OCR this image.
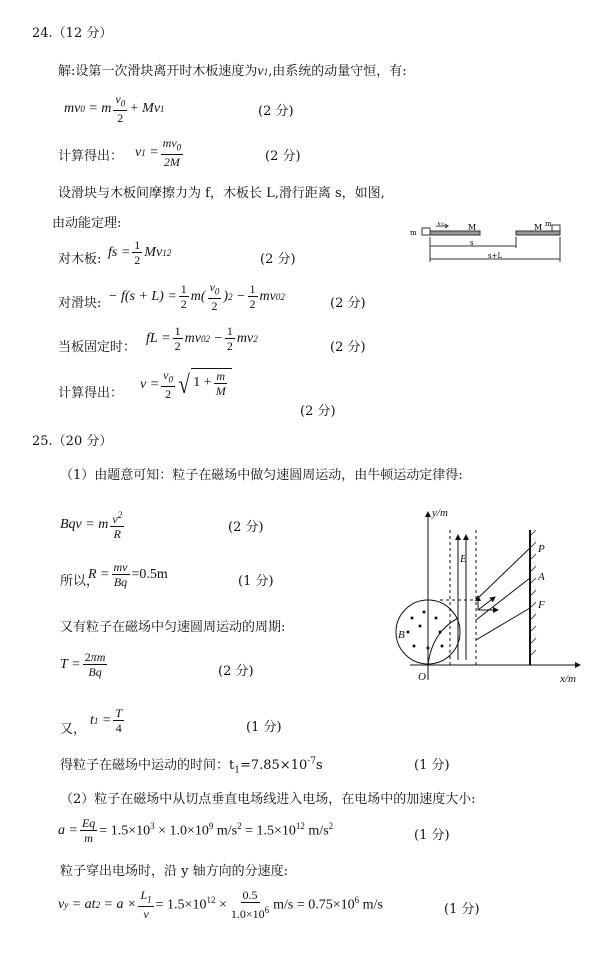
24.（12 分）
解:设第一次滑块离开时木板速度为v 1 ,由系统的动量守恒，有:
mv 0 = m $\frac{v_0}{2} + Mv$ 1	(2 分)
计算得出： v $1 = \frac{mv_0}{2M}$	(2 分)
设滑块与木板间摩擦力为 f，木板长 L,滑行距离 s，如图,
由动能定理:
对木板: fs = $\frac{1}{2}$ Mv 1 2	(2 分)
对滑块: − $f(s + L) = \frac{1}{2} m( \frac{v_0}{2}$ ) $2 - \frac{1}{2}$ mv 0 2	(2 分)
当板固定时：
fL = $\frac{1}{2}$ mv 0 $2 - \frac{1}{2}$ mv 2
(2 分)
计算得出：
$v = \frac{v_0}{2}$ √ $1 + \frac{m}{M}$
(2 分)
m
V₀	M	M m
s
s+L
25.（20 分）
（1）由题意可知：粒子在磁场中做匀速圆周运动，由牛顿运动定律得:
Bqv = m $\frac{v^2}{R}$	(2 分)
所以，
$R = \frac{mv}{Bq} =0.5m$	(1 分)
又有粒子在磁场中匀速圆周运动的周期:
$T = \frac{2\pi m}{Bq}$	(2 分)
又，
t $1 = \frac{T}{4}$	(1 分)
得粒子在磁场中运动的时间：$t_1=7.85\times 10^{-7}s$	(1 分)
（2）粒子在磁场中从切点垂直电场线进入电场，在电场中的加速度大小:
$a = \frac{Eq}{m} = 1.5\times 10^3 \times 1.0\times 10^9$ $m/s^2 = 1.5\times 10^{12}$ $m/s^2$
(1 分)
粒子穿出电场时，沿 y 轴方向的分速度:
v y = at $2 = a \times \frac{L_1}{v} = 1.5\times 10^{12} \times \frac{0.5}{1.0\times 10^6} m/s = 0.75\times 10^6$ m/s	(1 分)
y/m
x/m
O
B
E
P
A
F
